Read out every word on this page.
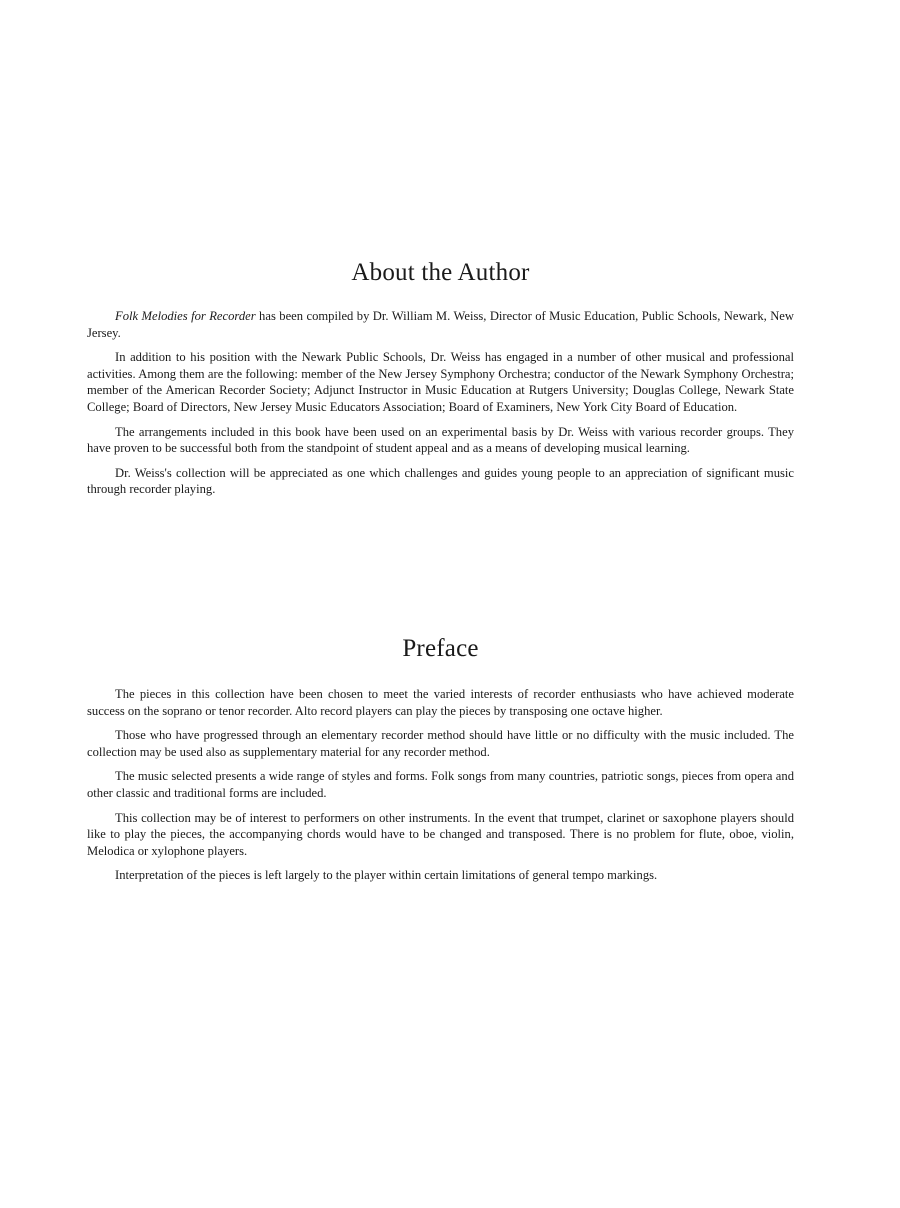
About the Author

Folk Melodies for Recorder has been compiled by Dr. William M. Weiss, Director of Music Education, Public Schools, Newark, New Jersey.

In addition to his position with the Newark Public Schools, Dr. Weiss has engaged in a number of other musical and professional activities. Among them are the following: member of the New Jersey Symphony Orchestra; conductor of the Newark Symphony Orchestra; member of the American Recorder Society; Adjunct Instructor in Music Education at Rutgers University; Douglas College, Newark State College; Board of Directors, New Jersey Music Educators Association; Board of Examiners, New York City Board of Education.

The arrangements included in this book have been used on an experimental basis by Dr. Weiss with various recorder groups. They have proven to be successful both from the standpoint of student appeal and as a means of developing musical learning.

Dr. Weiss's collection will be appreciated as one which challenges and guides young people to an appreciation of significant music through recorder playing.

Preface

The pieces in this collection have been chosen to meet the varied interests of recorder enthusiasts who have achieved moderate success on the soprano or tenor recorder. Alto record players can play the pieces by transposing one octave higher.

Those who have progressed through an elementary recorder method should have little or no difficulty with the music included. The collection may be used also as supplementary material for any recorder method.

The music selected presents a wide range of styles and forms. Folk songs from many countries, patriotic songs, pieces from opera and other classic and traditional forms are included.

This collection may be of interest to performers on other instruments. In the event that trumpet, clarinet or saxophone players should like to play the pieces, the accompanying chords would have to be changed and transposed. There is no problem for flute, oboe, violin, Melodica or xylophone players.

Interpretation of the pieces is left largely to the player within certain limitations of general tempo markings.
